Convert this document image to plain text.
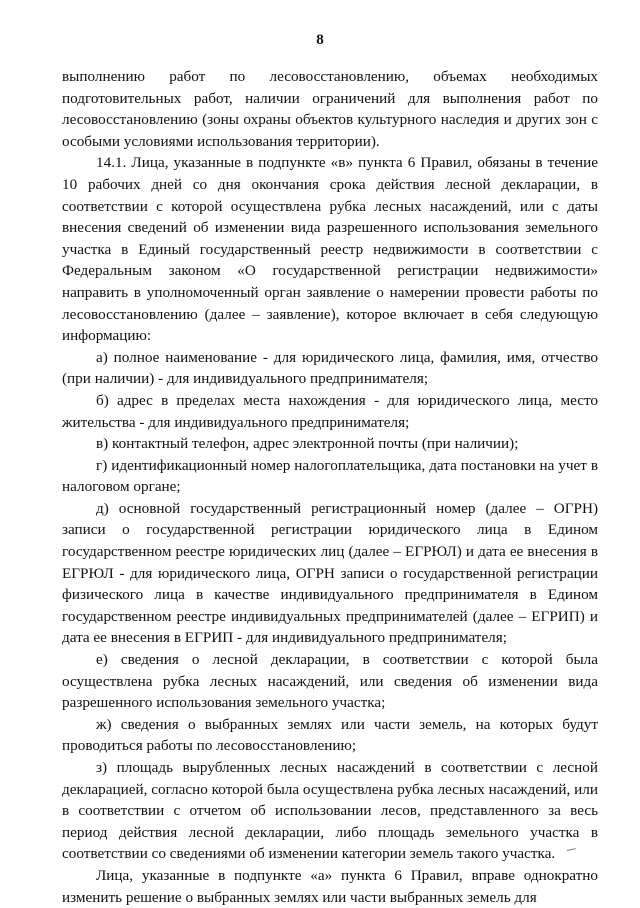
8

выполнению работ по лесовосстановлению, объемах необходимых подготовительных работ, наличии ограничений для выполнения работ по лесовосстановлению (зоны охраны объектов культурного наследия и других зон с особыми условиями использования территории).

14.1. Лица, указанные в подпункте «в» пункта 6 Правил, обязаны в течение 10 рабочих дней со дня окончания срока действия лесной декларации, в соответствии с которой осуществлена рубка лесных насаждений, или с даты внесения сведений об изменении вида разрешенного использования земельного участка в Единый государственный реестр недвижимости в соответствии с Федеральным законом «О государственной регистрации недвижимости» направить в уполномоченный орган заявление о намерении провести работы по лесовосстановлению (далее – заявление), которое включает в себя следующую информацию:

а) полное наименование - для юридического лица, фамилия, имя, отчество (при наличии) - для индивидуального предпринимателя;

б) адрес в пределах места нахождения - для юридического лица, место жительства - для индивидуального предпринимателя;

в) контактный телефон, адрес электронной почты (при наличии);

г) идентификационный номер налогоплательщика, дата постановки на учет в налоговом органе;

д) основной государственный регистрационный номер (далее – ОГРН) записи о государственной регистрации юридического лица в Едином государственном реестре юридических лиц (далее – ЕГРЮЛ) и дата ее внесения в ЕГРЮЛ - для юридического лица, ОГРН записи о государственной регистрации физического лица в качестве индивидуального предпринимателя в Едином государственном реестре индивидуальных предпринимателей (далее – ЕГРИП) и дата ее внесения в ЕГРИП - для индивидуального предпринимателя;

е) сведения о лесной декларации, в соответствии с которой была осуществлена рубка лесных насаждений, или сведения об изменении вида разрешенного использования земельного участка;

ж) сведения о выбранных землях или части земель, на которых будут проводиться работы по лесовосстановлению;

з) площадь вырубленных лесных насаждений в соответствии с лесной декларацией, согласно которой была осуществлена рубка лесных насаждений, или в соответствии с отчетом об использовании лесов, представленного за весь период действия лесной декларации, либо площадь земельного участка в соответствии со сведениями об изменении категории земель такого участка.

Лица, указанные в подпункте «а» пункта 6 Правил, вправе однократно изменить решение о выбранных землях или части выбранных земель для
